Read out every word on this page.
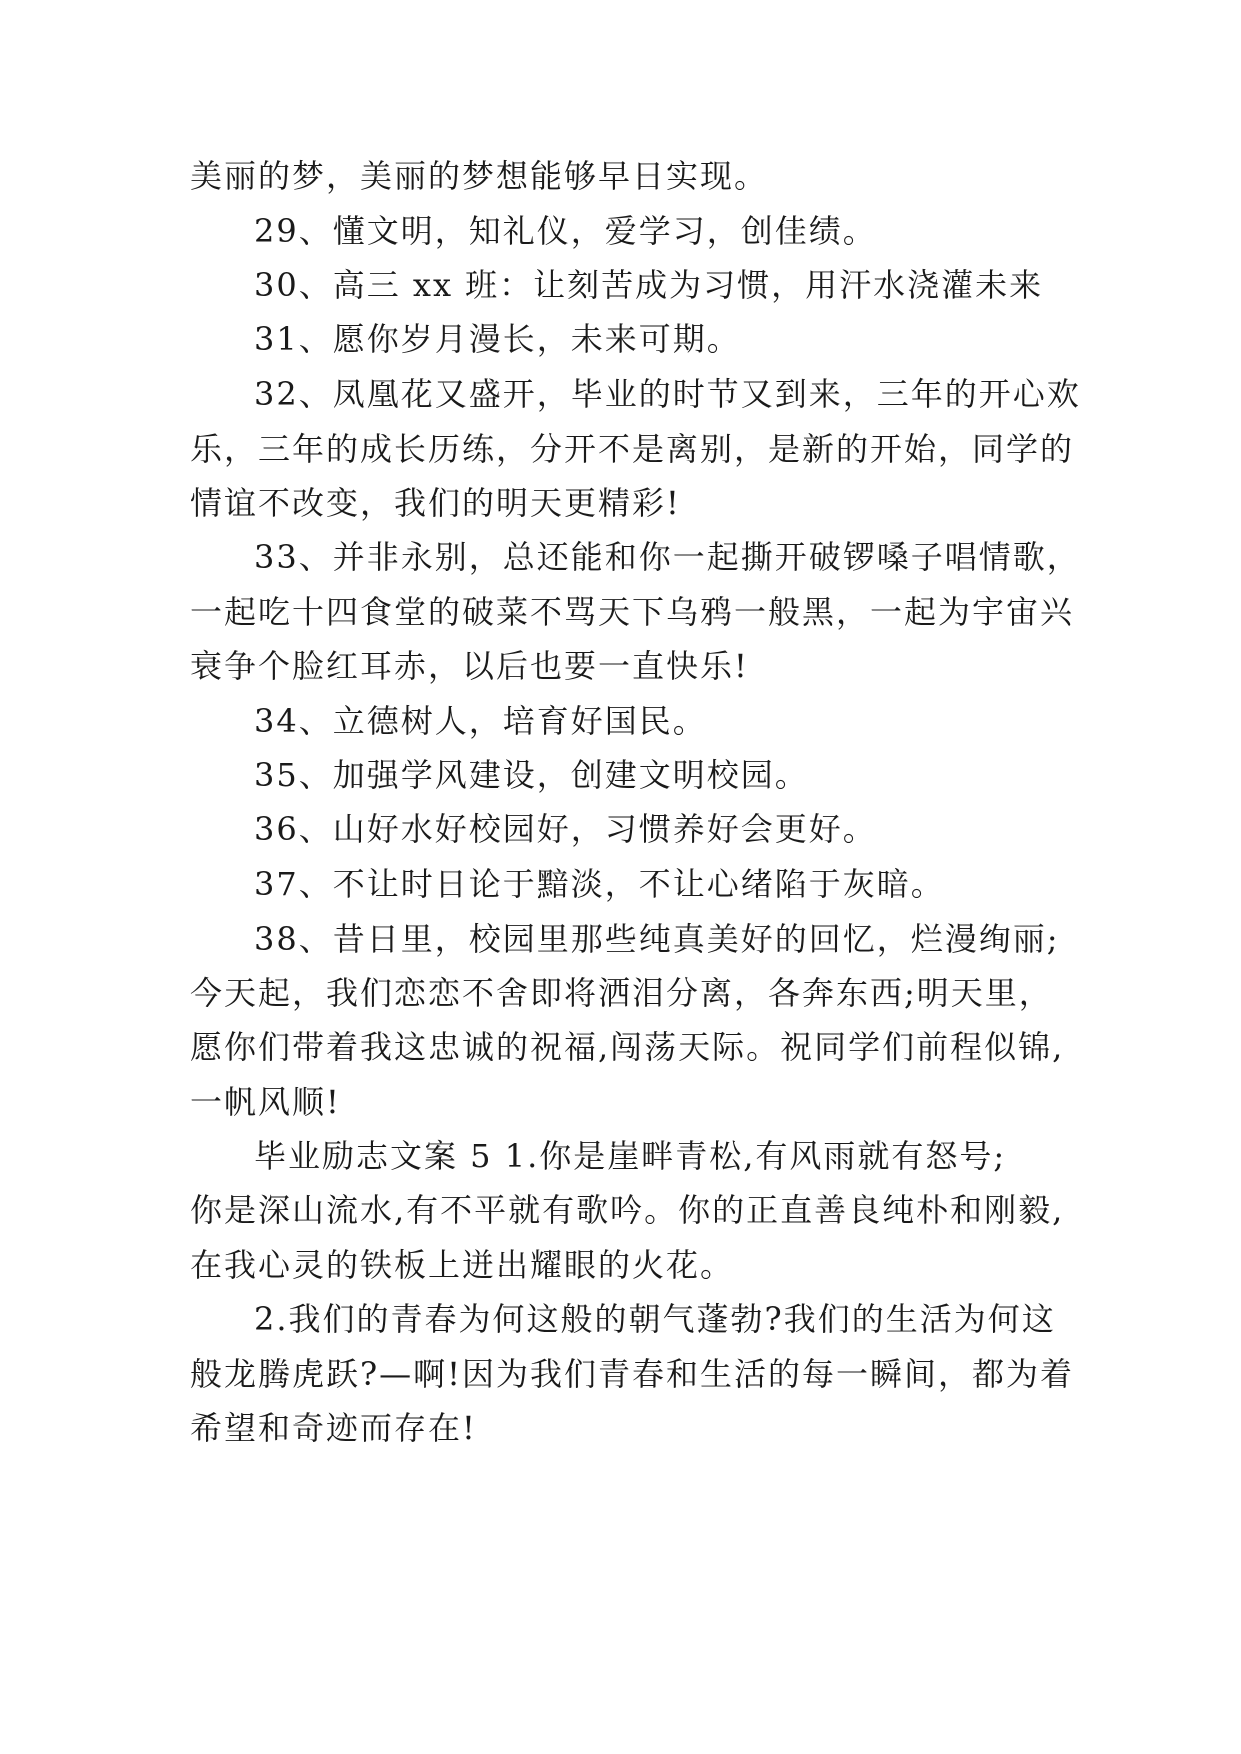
美丽的梦，美丽的梦想能够早日实现。
29、懂文明，知礼仪，爱学习，创佳绩。
30、高三 xx 班：让刻苦成为习惯，用汗水浇灌未来
31、愿你岁月漫长，未来可期。
32、凤凰花又盛开，毕业的时节又到来，三年的开心欢
乐，三年的成长历练，分开不是离别，是新的开始，同学的
情谊不改变，我们的明天更精彩!
33、并非永别，总还能和你一起撕开破锣嗓子唱情歌，
一起吃十四食堂的破菜不骂天下乌鸦一般黑，一起为宇宙兴
衰争个脸红耳赤，以后也要一直快乐!
34、立德树人，培育好国民。
35、加强学风建设，创建文明校园。
36、山好水好校园好，习惯养好会更好。
37、不让时日论于黯淡，不让心绪陷于灰暗。
38、昔日里，校园里那些纯真美好的回忆，烂漫绚丽;
今天起，我们恋恋不舍即将洒泪分离，各奔东西;明天里，
愿你们带着我这忠诚的祝福,闯荡天际。祝同学们前程似锦,
一帆风顺!
毕业励志文案 5 1.你是崖畔青松,有风雨就有怒号;
你是深山流水,有不平就有歌吟。你的正直善良纯朴和刚毅,
在我心灵的铁板上迸出耀眼的火花。
2.我们的青春为何这般的朝气蓬勃?我们的生活为何这
般龙腾虎跃?—啊!因为我们青春和生活的每一瞬间，都为着
希望和奇迹而存在!
